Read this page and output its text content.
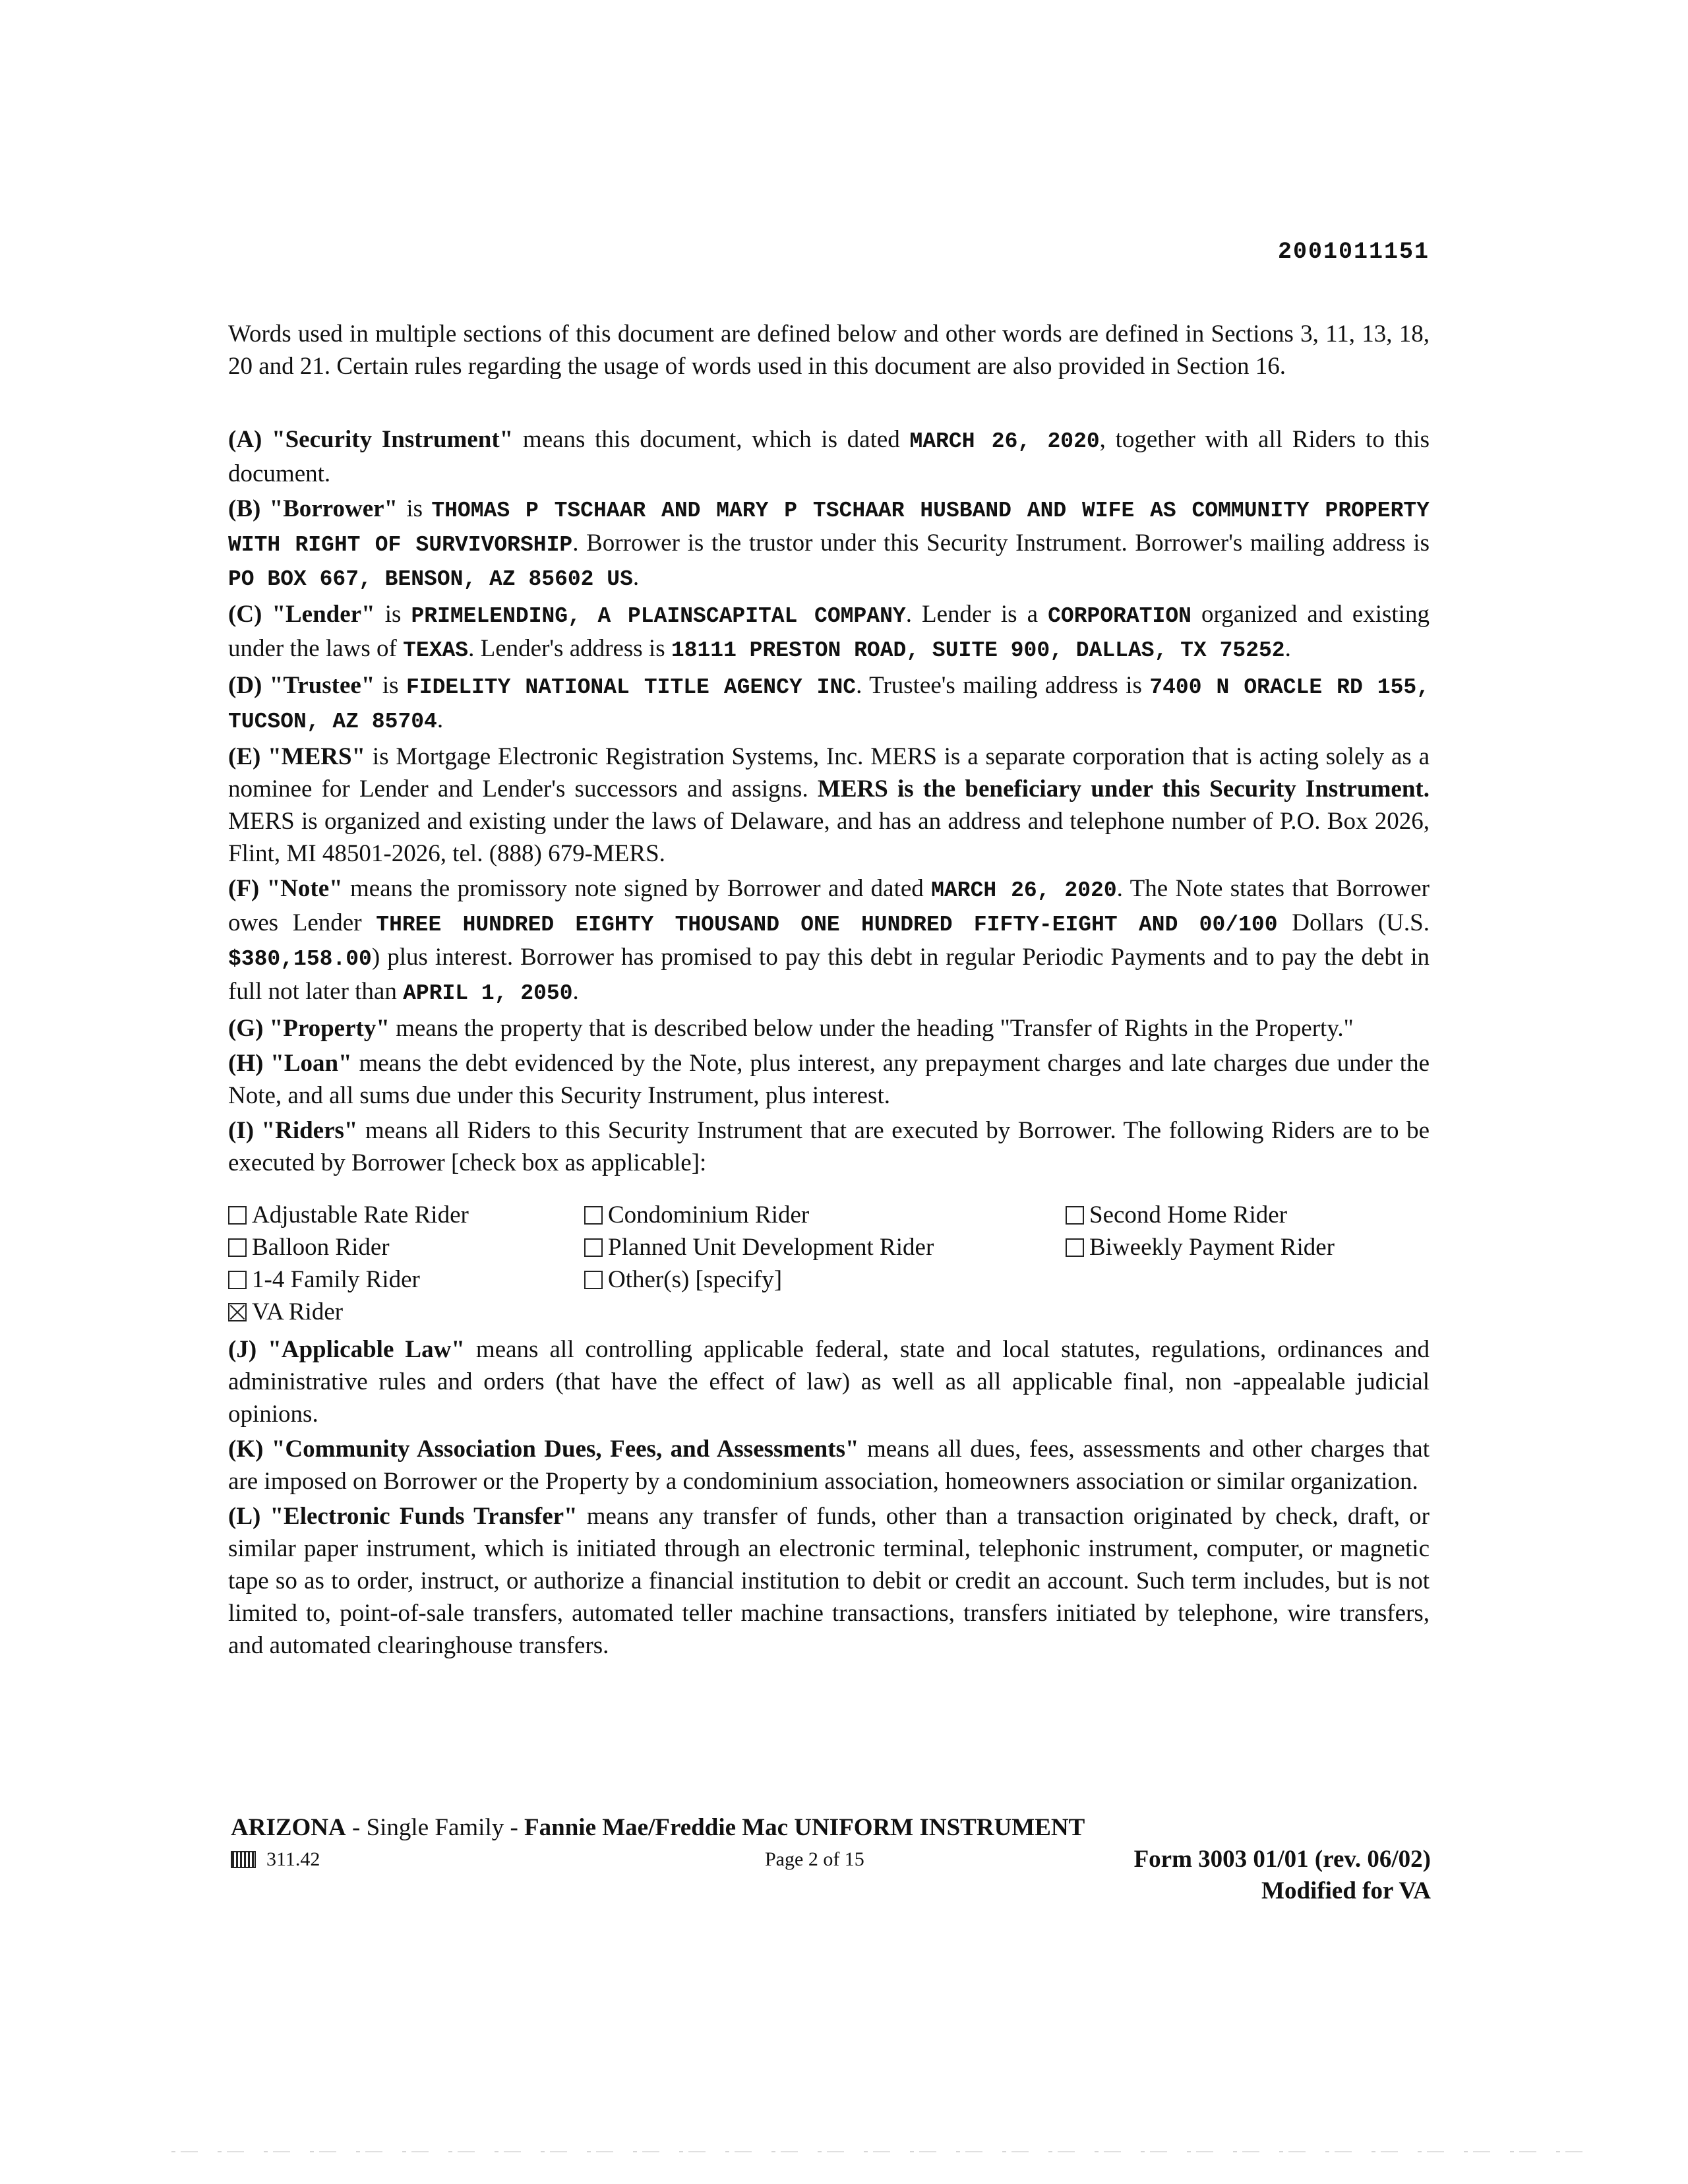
2001011151

Words used in multiple sections of this document are defined below and other words are defined in Sections 3, 11, 13, 18, 20 and 21. Certain rules regarding the usage of words used in this document are also provided in Section 16.

(A) "Security Instrument" means this document, which is dated MARCH 26, 2020, together with all Riders to this document.

(B) "Borrower" is THOMAS P TSCHAAR AND MARY P TSCHAAR HUSBAND AND WIFE AS COMMUNITY PROPERTY WITH RIGHT OF SURVIVORSHIP. Borrower is the trustor under this Security Instrument. Borrower's mailing address is PO BOX 667, BENSON, AZ 85602 US.

(C) "Lender" is PRIMELENDING, A PLAINSCAPITAL COMPANY. Lender is a CORPORATION organized and existing under the laws of TEXAS. Lender's address is 18111 PRESTON ROAD, SUITE 900, DALLAS, TX 75252.

(D) "Trustee" is FIDELITY NATIONAL TITLE AGENCY INC. Trustee's mailing address is 7400 N ORACLE RD 155, TUCSON, AZ 85704.

(E) "MERS" is Mortgage Electronic Registration Systems, Inc. MERS is a separate corporation that is acting solely as a nominee for Lender and Lender's successors and assigns. MERS is the beneficiary under this Security Instrument. MERS is organized and existing under the laws of Delaware, and has an address and telephone number of P.O. Box 2026, Flint, MI 48501-2026, tel. (888) 679-MERS.

(F) "Note" means the promissory note signed by Borrower and dated MARCH 26, 2020. The Note states that Borrower owes Lender THREE HUNDRED EIGHTY THOUSAND ONE HUNDRED FIFTY-EIGHT AND 00/100 Dollars (U.S. $380,158.00) plus interest. Borrower has promised to pay this debt in regular Periodic Payments and to pay the debt in full not later than APRIL 1, 2050.

(G) "Property" means the property that is described below under the heading "Transfer of Rights in the Property."

(H) "Loan" means the debt evidenced by the Note, plus interest, any prepayment charges and late charges due under the Note, and all sums due under this Security Instrument, plus interest.

(I) "Riders" means all Riders to this Security Instrument that are executed by Borrower. The following Riders are to be executed by Borrower [check box as applicable]:

Adjustable Rate Rider	Condominium Rider	Second Home Rider
Balloon Rider	Planned Unit Development Rider	Biweekly Payment Rider
1-4 Family Rider	Other(s) [specify]
VA Rider

(J) "Applicable Law" means all controlling applicable federal, state and local statutes, regulations, ordinances and administrative rules and orders (that have the effect of law) as well as all applicable final, non -appealable judicial opinions.

(K) "Community Association Dues, Fees, and Assessments" means all dues, fees, assessments and other charges that are imposed on Borrower or the Property by a condominium association, homeowners association or similar organization.

(L) "Electronic Funds Transfer" means any transfer of funds, other than a transaction originated by check, draft, or similar paper instrument, which is initiated through an electronic terminal, telephonic instrument, computer, or magnetic tape so as to order, instruct, or authorize a financial institution to debit or credit an account. Such term includes, but is not limited to, point-of-sale transfers, automated teller machine transactions, transfers initiated by telephone, wire transfers, and automated clearinghouse transfers.

ARIZONA - Single Family - Fannie Mae/Freddie Mac UNIFORM INSTRUMENT
311.42	Page 2 of 15	Form 3003 01/01 (rev. 06/02)
Modified for VA
